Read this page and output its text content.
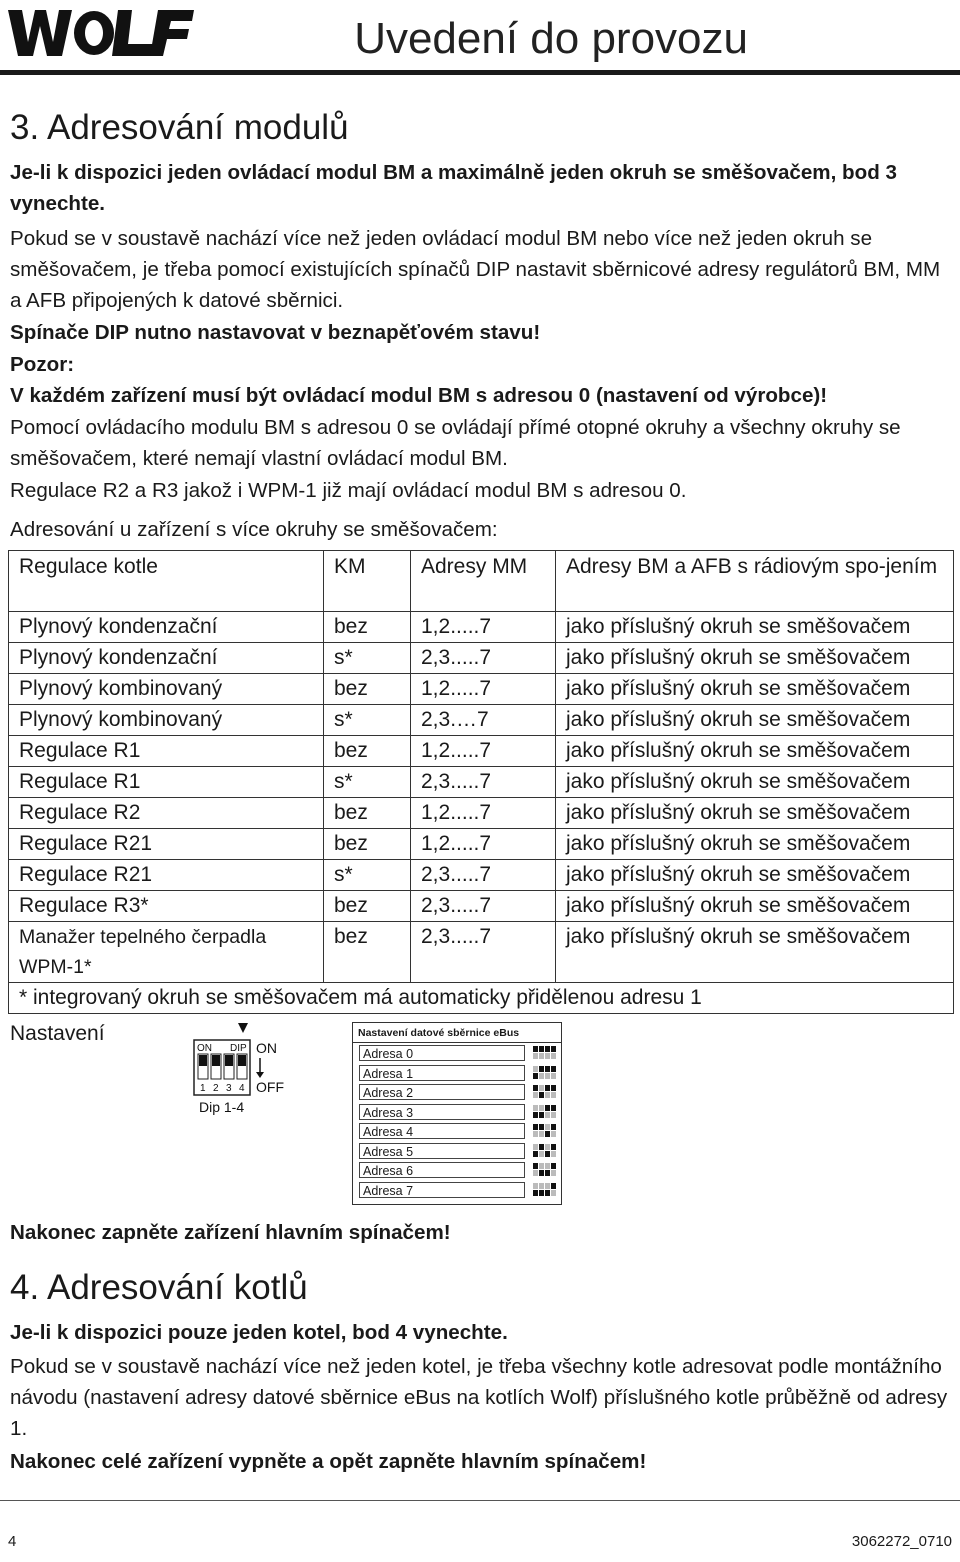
Uvedení do provozu
3. Adresování modulů
Je-li k dispozici jeden ovládací modul BM a maximálně jeden okruh se směšovačem, bod 3 vynechte.
Pokud se v soustavě nachází více než jeden ovládací modul BM nebo více než jeden okruh se směšovačem, je třeba pomocí existujících spínačů DIP nastavit sběrnicové adresy regulátorů BM, MM a AFB připojených k datové sběrnici.
Spínače DIP nutno nastavovat v beznapěťovém stavu!
Pozor:
V každém zařízení musí být ovládací modul BM s adresou 0 (nastavení od výrobce)!
Pomocí ovládacího modulu BM s adresou 0 se ovládají přímé otopné okruhy a všechny okruhy se směšovačem, které nemají vlastní ovládací modul BM.
Regulace R2 a R3 jakož i WPM-1 již mají ovládací modul BM s adresou 0.
Adresování u zařízení s více okruhy se směšovačem:
Regulace kotle	KM	Adresy MM	Adresy BM a AFB s rádiovým spo-jením
Plynový kondenzační	bez	1,2.....7	jako příslušný okruh se směšovačem
Plynový kondenzační	s*	2,3.....7	jako příslušný okruh se směšovačem
Plynový kombinovaný	bez	1,2.....7	jako příslušný okruh se směšovačem
Plynový kombinovaný	s*	2,3.…7	jako příslušný okruh se směšovačem
Regulace R1	bez	1,2.....7	jako příslušný okruh se směšovačem
Regulace R1	s*	2,3.....7	jako příslušný okruh se směšovačem
Regulace R2	bez	1,2.....7	jako příslušný okruh se směšovačem
Regulace R21	bez	1,2.....7	jako příslušný okruh se směšovačem
Regulace R21	s*	2,3.....7	jako příslušný okruh se směšovačem
Regulace R3*	bez	2,3.....7	jako příslušný okruh se směšovačem
Manažer tepelného čerpadla WPM-1*	bez	2,3.....7	jako příslušný okruh se směšovačem
* integrovaný okruh se směšovačem má automaticky přidělenou adresu 1			
Nastavení
ON DIP
1 2 3 4
ON
OFF
Dip 1-4
Nastavení datové sběrnice eBus
Adresa 0
Adresa 1
Adresa 2
Adresa 3
Adresa 4
Adresa 5
Adresa 6
Adresa 7
Nakonec zapněte zařízení hlavním spínačem!
4. Adresování kotlů
Je-li k dispozici pouze jeden kotel, bod 4 vynechte.
Pokud se v soustavě nachází více než jeden kotel, je třeba všechny kotle adresovat podle montážního návodu (nastavení adresy datové sběrnice eBus na kotlích Wolf) příslušného kotle průběžně od adresy 1.
Nakonec celé zařízení vypněte a opět zapněte hlavním spínačem!
4	3062272_0710
